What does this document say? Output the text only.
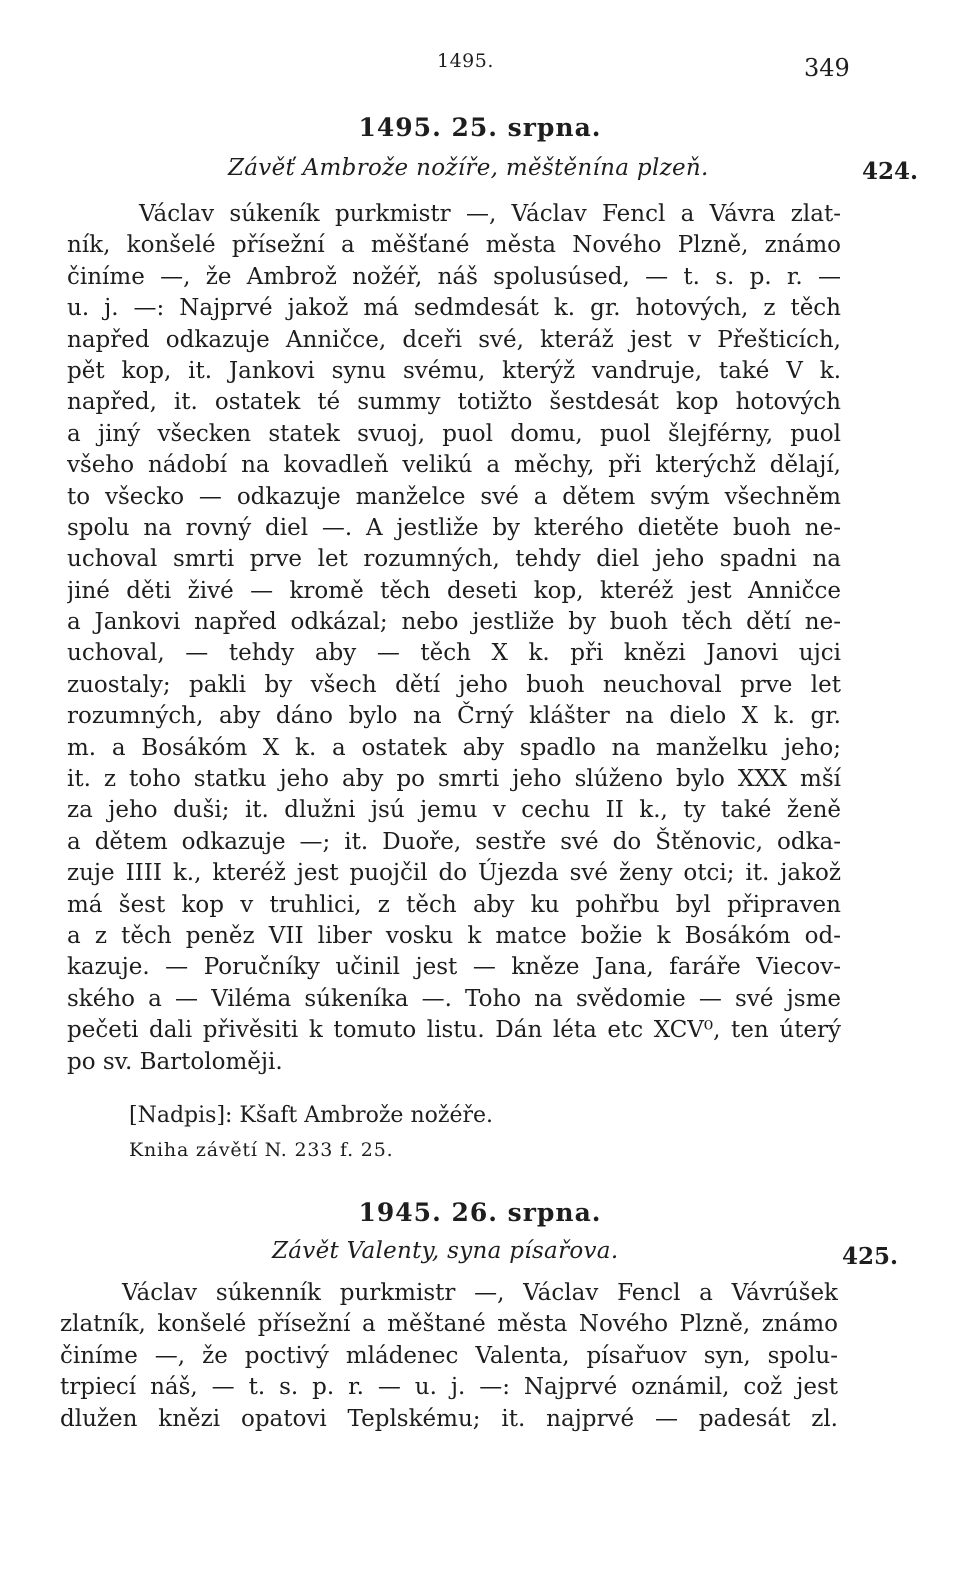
1495.	349
1495. 25. srpna.
Závěť Ambrože nožíře, měštěnína plzeň.	424.
Václav súkeník purkmistr —, Václav Fencl a Vávra zlat-
ník, konšelé přísežní a měšťané města Nového Plzně, známo
činíme —, že Ambrož nožéř, náš spolusúsed, — t. s. p. r. —
u. j. —: Najprvé jakož má sedmdesát k. gr. hotových, z těch
napřed odkazuje Anničce, dceři své, kteráž jest v Přešticích,
pět kop, it. Jankovi synu svému, kterýž vandruje, také V k.
napřed, it. ostatek té summy totižto šestdesát kop hotových
a jiný všecken statek svuoj, puol domu, puol šlejférny, puol
všeho nádobí na kovadleň velikú a měchy, při kterýchž dělají,
to všecko — odkazuje manželce své a dětem svým všechněm
spolu na rovný diel —. A jestliže by kterého dietěte buoh ne-
uchoval smrti prve let rozumných, tehdy diel jeho spadni na
jiné děti živé — kromě těch deseti kop, kteréž jest Anničce
a Jankovi napřed odkázal; nebo jestliže by buoh těch dětí ne-
uchoval, — tehdy aby — těch X k. při knězi Janovi ujci
zuostaly; pakli by všech dětí jeho buoh neuchoval prve let
rozumných, aby dáno bylo na Črný klášter na dielo X k. gr.
m. a Bosákóm X k. a ostatek aby spadlo na manželku jeho;
it. z toho statku jeho aby po smrti jeho slúženo bylo XXX mší
za jeho duši; it. dlužni jsú jemu v cechu II k., ty také ženě
a dětem odkazuje —; it. Duoře, sestře své do Štěnovic, odka-
zuje IIII k., kteréž jest puojčil do Újezda své ženy otci; it. jakož
má šest kop v truhlici, z těch aby ku pohřbu byl připraven
a z těch peněz VII liber vosku k matce božie k Bosákóm od-
kazuje. — Poručníky učinil jest — kněze Jana, faráře Viecov-
ského a — Viléma súkeníka —. Toho na svědomie — své jsme
pečeti dali přivěsiti k tomuto listu. Dán léta etc XCV⁰, ten úterý
po sv. Bartoloměji.
[Nadpis]: Kšaft Ambrože nožéře.
Kniha závětí N. 233 f. 25.
1945. 26. srpna.
Závět Valenty, syna písařova.	425.
Václav súkenník purkmistr —, Václav Fencl a Vávrúšek
zlatník, konšelé přísežní a měštané města Nového Plzně, známo
činíme —, že poctivý mládenec Valenta, písařuov syn, spolu-
trpiecí náš, — t. s. p. r. — u. j. —: Najprvé oznámil, což jest
dlužen knězi opatovi Teplskému; it. najprvé — padesát zl.
